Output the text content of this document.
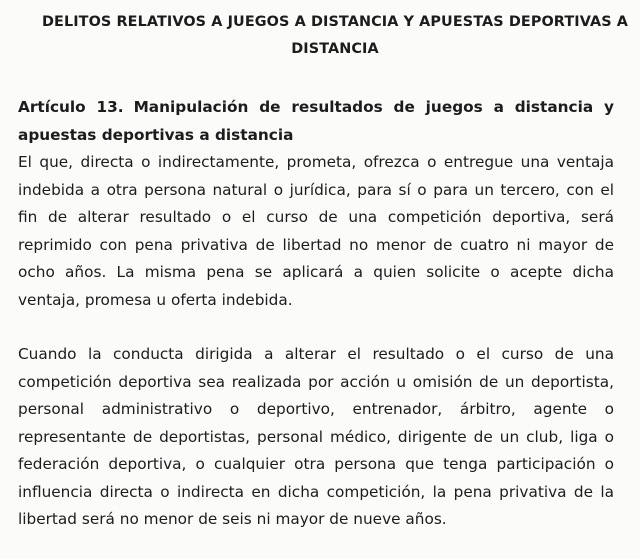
DELITOS RELATIVOS A JUEGOS A DISTANCIA Y APUESTAS DEPORTIVAS A DISTANCIA
Artículo 13. Manipulación de resultados de juegos a distancia y apuestas deportivas a distancia

El que, directa o indirectamente, prometa, ofrezca o entregue una ventaja indebida a otra persona natural o jurídica, para sí o para un tercero, con el fin de alterar resultado o el curso de una competición deportiva, será reprimido con pena privativa de libertad no menor de cuatro ni mayor de ocho años. La misma pena se aplicará a quien solicite o acepte dicha ventaja, promesa u oferta indebida.

Cuando la conducta dirigida a alterar el resultado o el curso de una competición deportiva sea realizada por acción u omisión de un deportista, personal administrativo o deportivo, entrenador, árbitro, agente o representante de deportistas, personal médico, dirigente de un club, liga o federación deportiva, o cualquier otra persona que tenga participación o influencia directa o indirecta en dicha competición, la pena privativa de la libertad será no menor de seis ni mayor de nueve años.
